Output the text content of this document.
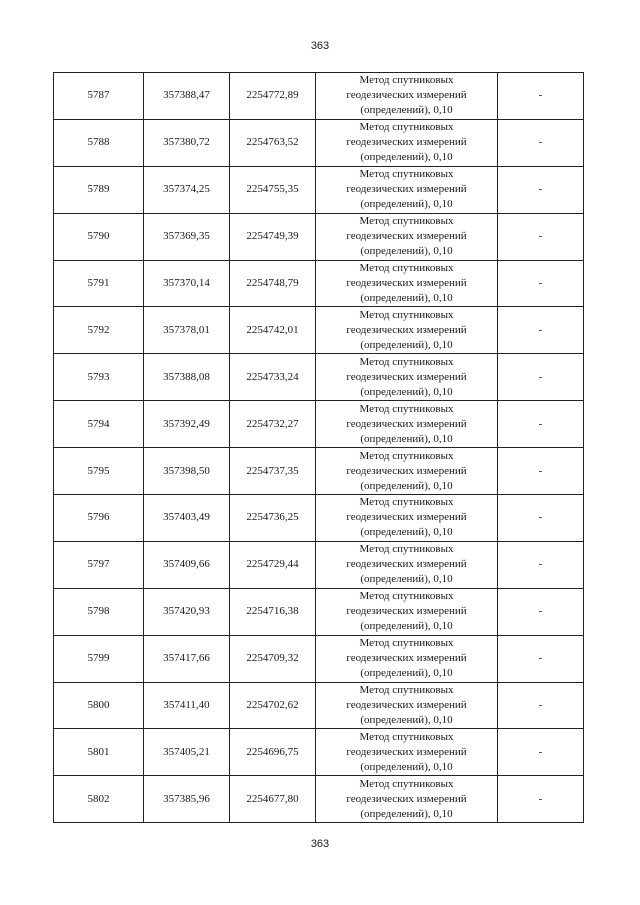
363
5787	357388,47	2254772,89	Метод спутниковых
геодезических измерений
(определений), 0,10	-
5788	357380,72	2254763,52	Метод спутниковых
геодезических измерений
(определений), 0,10	-
5789	357374,25	2254755,35	Метод спутниковых
геодезических измерений
(определений), 0,10	-
5790	357369,35	2254749,39	Метод спутниковых
геодезических измерений
(определений), 0,10	-
5791	357370,14	2254748,79	Метод спутниковых
геодезических измерений
(определений), 0,10	-
5792	357378,01	2254742,01	Метод спутниковых
геодезических измерений
(определений), 0,10	-
5793	357388,08	2254733,24	Метод спутниковых
геодезических измерений
(определений), 0,10	-
5794	357392,49	2254732,27	Метод спутниковых
геодезических измерений
(определений), 0,10	-
5795	357398,50	2254737,35	Метод спутниковых
геодезических измерений
(определений), 0,10	-
5796	357403,49	2254736,25	Метод спутниковых
геодезических измерений
(определений), 0,10	-
5797	357409,66	2254729,44	Метод спутниковых
геодезических измерений
(определений), 0,10	-
5798	357420,93	2254716,38	Метод спутниковых
геодезических измерений
(определений), 0,10	-
5799	357417,66	2254709,32	Метод спутниковых
геодезических измерений
(определений), 0,10	-
5800	357411,40	2254702,62	Метод спутниковых
геодезических измерений
(определений), 0,10	-
5801	357405,21	2254696,75	Метод спутниковых
геодезических измерений
(определений), 0,10	-
5802	357385,96	2254677,80	Метод спутниковых
геодезических измерений
(определений), 0,10	-
363
